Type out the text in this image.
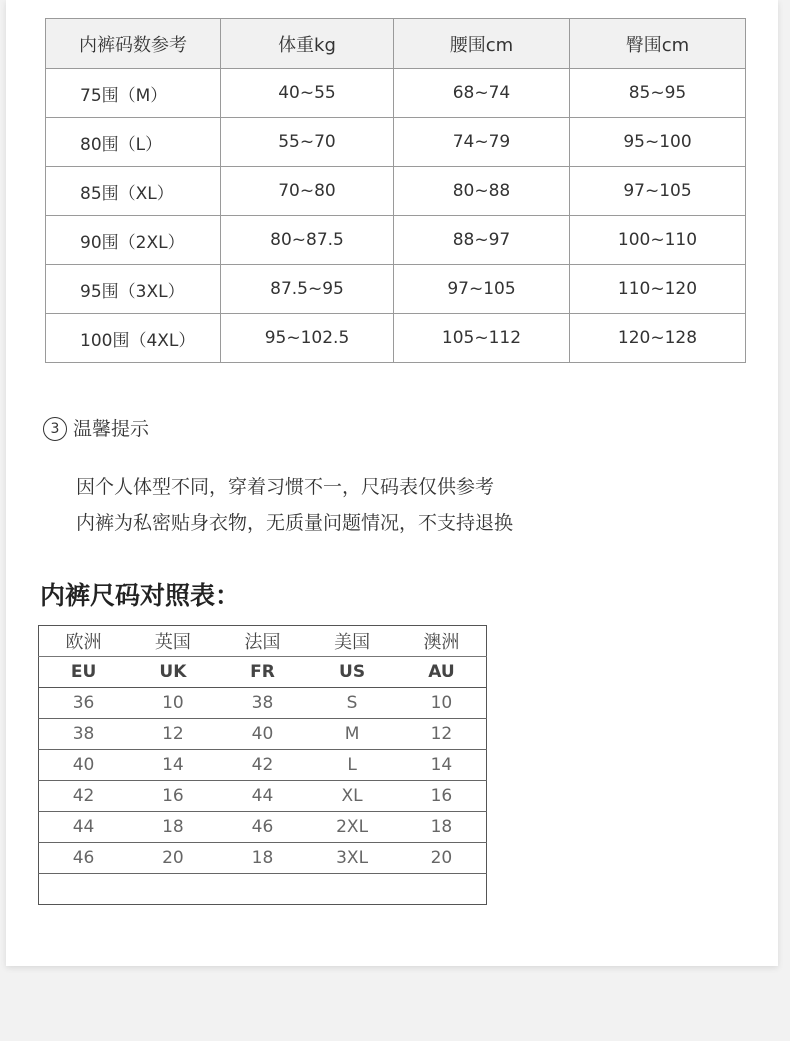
内裤码数参考	体重kg	腰围cm	臀围cm
75围（M）	40~55	68~74	85~95
80围（L）	55~70	74~79	95~100
85围（XL）	70~80	80~88	97~105
90围（2XL）	80~87.5	88~97	100~110
95围（3XL）	87.5~95	97~105	110~120
100围（4XL）	95~102.5	105~112	120~128
3 温馨提示
因个人体型不同，穿着习惯不一，尺码表仅供参考
内裤为私密贴身衣物，无质量问题情况，不支持退换
内裤尺码对照表：
欧洲	英国	法国	美国	澳洲
EU	UK	FR	US	AU
36	10	38	S	10
38	12	40	M	12
40	14	42	L	14
42	16	44	XL	16
44	18	46	2XL	18
46	20	18	3XL	20
